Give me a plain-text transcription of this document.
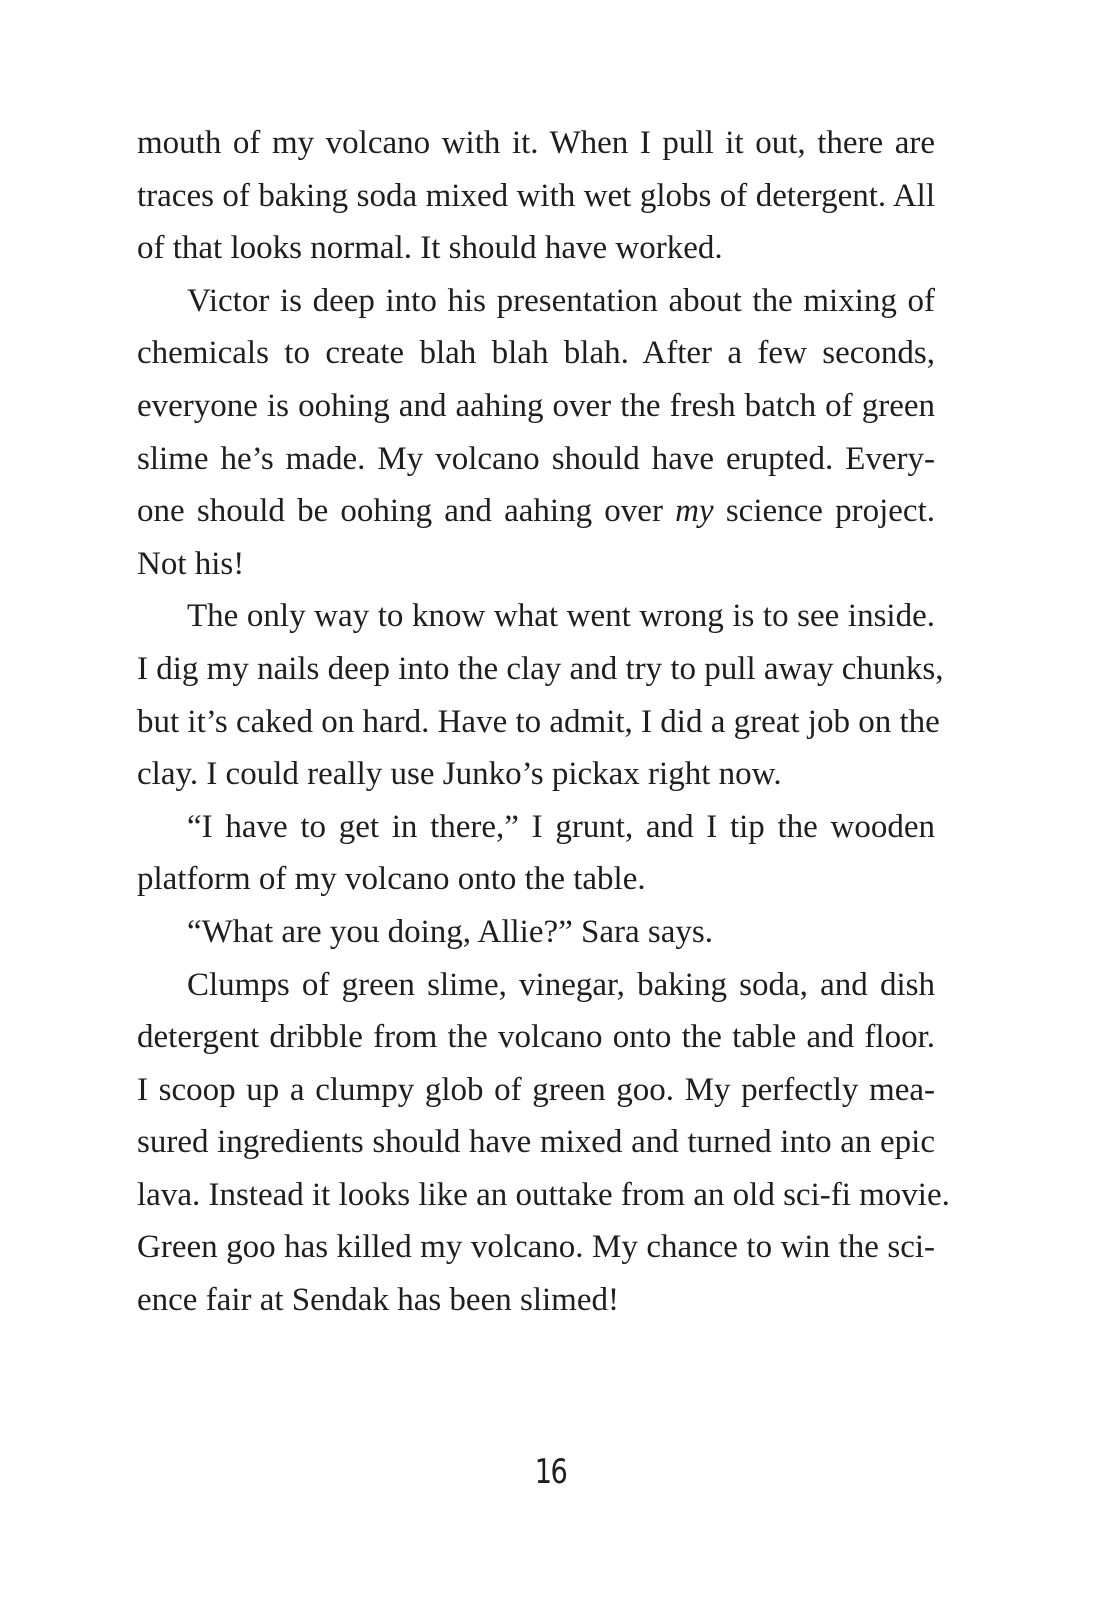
mouth of my volcano with it. When I pull it out, there are
traces of baking soda mixed with wet globs of detergent. All
of that looks normal. It should have worked.

Victor is deep into his presentation about the mixing of
chemicals to create blah blah blah. After a few seconds,
everyone is oohing and aahing over the fresh batch of green
slime he’s made. My volcano should have erupted. Every-
one should be oohing and aahing over my science project.
Not his!

The only way to know what went wrong is to see inside.
I dig my nails deep into the clay and try to pull away chunks,
but it’s caked on hard. Have to admit, I did a great job on the
clay. I could really use Junko’s pickax right now.

“I have to get in there,” I grunt, and I tip the wooden
platform of my volcano onto the table.

“What are you doing, Allie?” Sara says.

Clumps of green slime, vinegar, baking soda, and dish
detergent dribble from the volcano onto the table and floor.
I scoop up a clumpy glob of green goo. My perfectly mea-
sured ingredients should have mixed and turned into an epic
lava. Instead it looks like an outtake from an old sci-fi movie.
Green goo has killed my volcano. My chance to win the sci-
ence fair at Sendak has been slimed!

16
